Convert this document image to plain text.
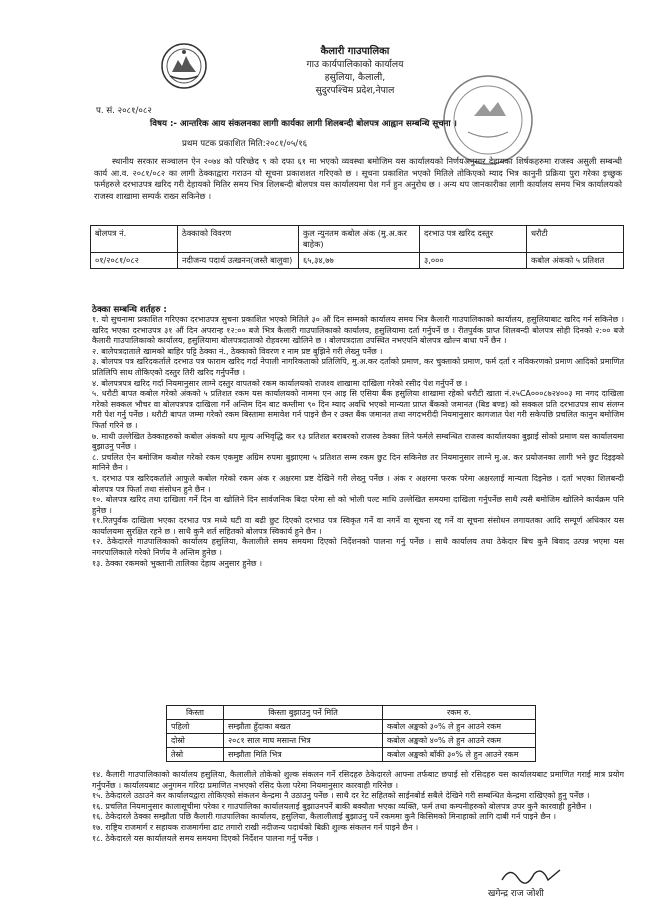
कैलारी गाउपालिका
गाउ कार्यपालिकाको कार्यालय
हसुलिया, कैलाली,
सुदुरपश्चिम प्रदेश,नेपाल
प. सं. २०८१/०८२
विषय :- आन्तरिक आय संकलनका लागी कार्यका लागी शिलबन्दी बोलपत्र आह्वान सम्बन्धि सूचना ।
प्रथम पटक प्रकाशित मिति:२०८१/०५/१६
स्थानीय सरकार सञ्चालन ऐन २०७४ को परिच्छेद ९ को दफा ६१ मा भएको व्यवस्था बमोजिम यस कार्यालयको निर्णयअनुसार देहायका शिर्षकहरुमा राजस्व असुली सम्बन्धी कार्य आ.व. २०८१/०८२ का लागी ठेक्काद्वारा गराउन यो सूचना प्रकाशशत गरिएको छ । सूचना प्रकाशित भएको मितिले तोकिएको म्याद भित्र कानुनी प्रक्रिया पुरा गरेका इच्छुक फर्महरुले दरभाउपत्र खरिद गरी देहायको मितिर समय भित्र शिलबन्दी बोलपत्र यस कार्यालयमा पेश गर्न हुन अनुरोध छ । अन्य थप जानकारीका लागी कार्यालय समय भित्र कार्यालयको राजस्व शाखामा सम्पर्क राख्न सकिनेछ ।
बोलपत्र नं.	ठेक्काको विवरण	कुल न्युनतम कबोल अंक (मु.अ.कर बाहेक)	दरभाउ पत्र खरिद दस्तुर	धरौटी
०१/२०८१/०८२	नदीजन्य पदार्थ उत्खनन(जस्तै बालुवा)	६५,३४,७७	३,०००	कबोल अंकको ५ प्रतिशत
ठेक्का सम्बन्धि शर्तहरु :

१. यो सुचनामा प्रकाशित गरिएका दरभाउपत्र सुचना प्रकाशित भएको मितिले ३० औं दिन सम्मको कार्यालय समय भित्र कैलारी गाउपालिकाको कार्यालय, हसुलियाबाट खरिद गर्न सकिनेछ । खरिद भएका दरभाउपत्र ३१ औं दिन अपरान्ह १२:०० बजे भित्र कैलारी गाउपालिकाको कार्यालय, हसुलियामा दर्ता गर्नुपर्ने छ । रीतपुर्वक प्राप्त शिलबन्दी बोलपत्र सोही दिनको २:०० बजे कैलारी गाउपालिकाको कार्यालय, हसुलियामा बोलपत्रदाताको रोहवरमा खोलिने छ । बोलपत्रदाता उपस्थित नभएपनि बोलपत्र खोल्न बाधा पर्ने छैन ।

२. बालेपत्रदाताले खामको बाहिर पट्टि ठेक्का नं., ठेक्काको विवरण र नाम प्रष्ट बुझिने गरी लेख्नु पर्नेछ ।

३. बोलपत्र पत्र खरिदकर्ताले दरभाउ पत्र फाराम खरिद गर्दा नेपाली नागरिकताको प्रतिलिपि, मु.अ.कर दर्ताको प्रमाण, कर चुक्ताको प्रमाण, फर्म दर्ता र नविकरणको प्रमाण आदिको प्रमाणित प्रतिलिपि साथ तोकिएको दस्तुर तिरी खरिद गर्नुपर्नेछ ।

४. बोलपत्रपत्र खरिद गर्दा नियमानुसार लाग्ने दस्तुर वापतको रकम कार्यालयको राजश्व शाखामा दाखिला गरेको रसीद पेश गर्नुपर्ने छ ।

५. धरौटी बापत कबोल गरेको अंकको ५ प्रतिशत रकम यस कार्यालयको नाममा एन आइ सि एसिया बैंक हसुलिया शाखामा रहेको धरौटी खाता नं.२५CA०००८७२४००३ मा नगद दाखिला गरेको सक्कल भौचर वा बोलपत्रपत्र दाखिला गर्ने अन्तिम दिन बाट कम्तीमा ९० दिन म्याद अवधि भएको मान्यता प्राप्त बैंकको जमानत (बिड बण्ड) को सक्कल प्रति दरभाउपत्र साथ संलग्न गरी पेश गर्नु पर्नेछ । धरौटी बापत जम्मा गरेको रकम बिस्तामा समावेश गर्न पाइने छैन र उक्त बैंक जमानत तथा नगदभरीदी नियमानुसार कागजात पेश गरी सकेपछि प्रचलित कानुन बमोजिम फिर्ता गरिने छ ।

७. माथी उल्लेखित ठेक्काहरुको कबोल अंकको थप मूल्य अभिवृद्धि कर १३ प्रतिशत बराबरको राजस्व ठेक्का लिने फर्मले सम्बन्धित राजस्व कार्यालयका बुझाई सोको प्रमाण यस कार्यालयमा बुझाउनु पर्नेछ ।

८. प्रचलित ऐन बमोजिम कबोल गरेको रकम एकमुष्ट अग्रिम रुपमा बुझाएमा ५ प्रतिशत सम्म रकम छुट दिन सकिनेछ तर नियमानुसार लाग्ने मु.अ. कर प्रयोजनका लागी भने छुट दिइइको मानिने छैन ।

९. दरभाउ पत्र खरिदकर्ताले आफुले कबोल गरेको रकम अंक र अक्षरमा प्रष्ट देखिने गरी लेख्नु पर्नेछ । अंक र अक्षरमा फरक परेमा अक्षरलाई मान्यता दिइनेछ । दर्ता भएका शिलबन्दी बोलपत्र पत्र फिर्ता तथा संसोधन हुने छैन ।

१०. बोलपत्र खरिद तथा दाखिला गर्ने दिन वा खोलिने दिन सार्वजनिक बिदा परेमा सो को भोली पल्ट माथि उल्लेखित समयमा दाखिला गर्नुपर्नेछ साथै त्यसै बमोजिम खोलिने कार्यक्रम पनि हुनेछ ।

११.रितपुर्वक दाखिला भएका दरभाउ पत्र मध्ये घटी वा बढी छुट दिएको दरभाउ पत्र स्विकृत गर्ने वा नगर्ने वा सूचना रद्द गर्ने वा सूचना संसोधन लगायतका आदि सम्पूर्ण अधिकार यस कार्यालयमा सुरक्षित रहने छ । साथै कुनै शर्त सहितको बोलपत्र स्विकार्य हुने छैन ।

१२. ठेकेदारले गाउपालिकाको कार्यालय हसुलिया, कैलालीले समय समयमा दिएको निर्देशनको पालना गर्नु पर्नेछ । साथै कार्यालय तथा ठेकेदार बिच कुनै बिवाद उत्पन्न भएमा यस नगरपालिकाले गरेको निर्णय नै अन्तिम हुनेछ ।

१३. ठेक्का रकमको भुक्तानी तालिका देहाय अनुसार हुनेछ ।

किस्ता	किस्ता बुझाउनु पर्ने मिति	रकम रु.
पहिलो	सम्झौता हुँदाका बखत	कबोल अङ्कको ३०% ले हुन आउने रकम
दोस्रो	२०८१ साल माघ मसान्त भित्र	कबोल अङ्कको ४०% ले हुन आउने रकम
तेस्रो	सम्झौता मिति भित्र	कबोल अङ्कको बाँकी ३०% ले हुन आउने रकम

१४. कैलारी गाउपालिकाको कार्यालय हसुलिया, कैलालीले तोकेको शुल्क संकलन गर्ने रसिदहरु ठेकेदारले आफ्ना तर्फबाट छपाई सो रसिदहरु यस कार्यालयबाट प्रमाणित गराई मात्र प्रयोग गर्नुपर्नेछ । कार्यालयबाट अनुगमन गरिदा प्रमाणित नभएको रसिद फेला परेमा नियमानुसार कारवाही गरिनेछ ।

१५. ठेकेदारले उठाउने कर कार्यालयद्वारा तोकिएको संकलन केन्द्रमा नै उठाउनु पर्नेछ । साथै दर रेट सहितको साईनबोर्ड सबैले देखिने गरी सम्बन्धित केन्द्रमा राखिएको हुनु पर्नेछ ।

१६. प्रचलित नियमानुसार कालासूचीमा परेका र गाउपालिका कार्यालयलाई बुझाउनपर्ने बाकी बक्यौता भएका व्यक्ति, फर्म तथा कम्पनीहरुको बोलपत्र उपर कुनै कारवाही हुनेछैन ।

१६. ठेकेदारले ठेक्का सम्झौता पछि कैलारी गाउपालिका कार्यालय, हसुलिया, कैलालीलाई बुझाउनु पर्ने रकममा कुनै किसिमको मिनाहाको लागि दाबी गर्न पाइने छैन ।

१७. राष्ट्रिय राजमार्ग र सहायक राजमार्गमा ढाट तगारो राखी नदीजन्य पदार्थको बिक्री शुल्क संकलन गर्न पाइने छैन ।

१८. ठेकेदारले यस कार्यालयले समय समयमा दिएको निर्देशन पालना गर्नु पर्नेछ ।

खगेन्द्र राज जोशी
